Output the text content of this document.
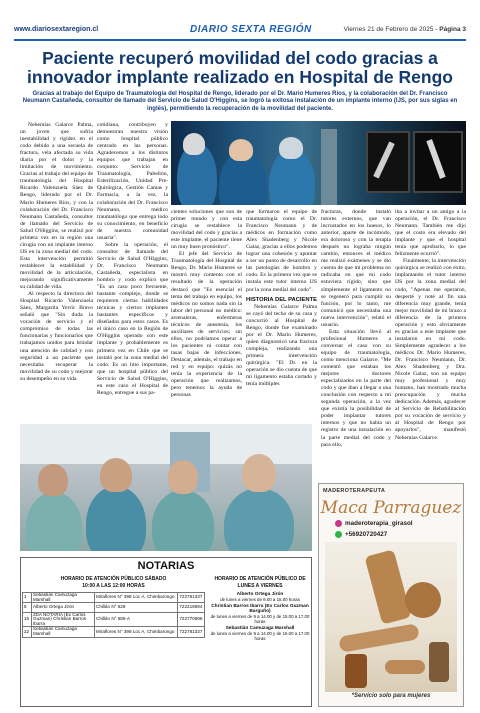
www.diariosextaregion.cl	DIARIO SEXTA REGIÓN	Viernes 21 de Febrero de 2025 - Página 3
Paciente recuperó movilidad del codo gracias a innovador implante realizado en Hospital de Rengo

Gracias al trabajo del Equipo de Traumatología del Hospital de Rengo, liderado por el Dr. Mario Humeres Ríos, y la colaboración del Dr. Francisco Neumann Castañeda, consultor de llamado del Servicio de Salud O'Higgins, se logró la exitosa instalación de un implante interno (IJS, por sus siglas en inglés), permitiendo la recuperación de la movilidad del paciente.

Nehemías Galarce Palma, un joven que sufría inestabilidad y rigidez en el codo debido a una secuela de fractura, vela afectada su vida diaria por el dolor y la limitación de movimiento. Gracias al trabajo del equipo de traumatología del Hospital Ricardo Valenzuela Sáez de Rengo, liderado por el Dr. Mario Humeres Ríos, y con la colaboración del Dr. Francisco Neumann Castañeda, consultor de llamado del Servicio de Salud O'Higgins, se realizó por primera vez en la región una cirugía con un implante interno IJS en la zona medial del codo. Esta intervención permitió restablecer la estabilidad y movilidad de la articulación, mejorando significativamente su calidad de vida.

Al respecto la directora del Hospital Ricardo Valenzuela Sáez, Margarita Yerric Bravo señaló que "Sin duda la vocación de servicio y el compromiso de todas las funcionarias y funcionarios que trabajamos unidos para brindar una atención de calidad y con seguridad a un paciente que necesitaba recuperar la movilidad de su codo y mejorar su desempeño en su vida

cotidiana, contribuyen y demuestran nuestra visión como hospital público centrado en las personas. Agradecemos a los distintos equipos que trabajan en conjunto: Servicio de Traumatología, Pabellón, Esterilización, Unidad Pre-Quirúrgica, Gestión Camas y Farmacia, a la vez, la colaboración del Dr. Francisco Neumann, médico traumatólogo que entrega todo su conocimiento, en beneficio de nuestra comunidad usuaria".

Sobre la operación, el consultor de llamado del Servicio de Salud O'Higgins, Dr. Francisco Neumann Castañeda, especialista en hombro y codo explicó que "Es un caso poco frecuente, bastante complejo, donde se requieren ciertas habilidades técnicas y ciertos implantes bastantes específicos y diseñados para estos casos. Es el único caso en la Región de O'Higgins operado con este implante y probablemente es primera vez en Chile que se instaló por la zona medial del codo. Es un hito importante, que un hospital público del Servicio de Salud O'Higgins, en este caso el Hospital de Rengo, entregue a sus pa-

cientes soluciones que son de primer mundo y con esta cirugía se restablece la movilidad del codo y gracias a este implante, el paciente tiene un muy buen pronóstico".

El jefe del Servicio de Traumatología del Hospital de Rengo, Dr. Mario Humeres se mostró muy contento con el resultado de la operación destacó que "Es esencial el tema del trabajo en equipo, los médicos no somos nada sin la labor del personal no médico: arsenaleras, enfermeras técnicos de anestesia, los auxiliares de servicios; sin ellos, no podríamos operar a los pacientes ni contar con tasas bajas de infecciones. Destacar, además, el trabajo en red y en equipo: quizás no tenía la experiencia de la operación que realizamos, pero tenemos la ayuda de personas

que formaron el equipo de traumatología como el Dr. Francisco Neumann y de médicos en formación como Alex Shadenberg y Nicole Galaz, gracias a ellos podemos lograr una cohesión y apuntar a ser un punto de desarrollo en las patologías de hombro y codo. Es la primera vez que se instala este tutor interno IJS por la zona medial del codo".

HISTORIA DEL PACIENTE

Nehemías Galarce Palma se cayó del techo de su casa y concurrió al Hospital de Rengo, donde fue examinado por el Dr. Mario Humeres, quien diagnosticó una fractura compleja, realizando una primera intervención quirúrgica. "El Dr. en la operación se dio cuenta de que mi ligamento estaba cortado y tenía múltiples

fracturas, donde instaló tutores externos, que van incrustados en los huesos, lo anterior, aparte de incómodo, era doloroso y con la terapia después no lograba ningún cambio, entonces el médico me realizó exámenes y se dio cuenta de que mi problema no radicaba en que mi codo estuviera rígido, sino que simplemente el ligamento no se regeneró para cumplir su función, por lo tanto, me comunicó que necesitaba una nueva intervención", relató el usuario.

Esta situación llevó al profesional Humeres a conversar el caso con su equipo de traumatología, como menciona Galarce. "Me comentó que estaban los mejores doctores especializados en la parte del codo y que iban a llegar a una conclusión con respecto a mi segunda operación, a la vez que existía la posibilidad de poder implantar tutores internos y que no había un registro de una instalación en la parte medial del codo y para ello,

iba a invitar a un amigo a la operación, el Dr. Francisco Neumann. También me dijo que el costo era elevado del implante y que el hospital tenía que aprobarlo, lo que felizmente ocurrió".

Finalmente, la intervención quirúrgica se realizó con éxito, implantando el tutor interno IJS por la zona medial del codo, "Apenas me operaron, desperté y noté al fin una diferencia muy grande, tenía mejor movilidad de mi brazo a diferencia de la primera operación y esto obviamente es gracias a este implante que instalaron en mi codo. Simplemente agradecer a los médicos Dr. Mario Humeres, Dr. Francisco Neumann, Dr. Alex Shadenberg y Dra. Nicole Galaz, son un equipo muy profesional y muy humano, han mostrado mucha preocupación y mucha dedicación. Además, agradecer al Servicio de Rehabilitación por su vocación de servicio y al Hospital de Rengo por apoyarlos", manifestó Nehemías Galarce.

NOTARIAS
HORARIO DE ATENCIÓN PÚBLICO SÁBADO
10:00 A LAS 12:00 HORAS
1	Sebastián Camuzaga Marshall	Miraflores N° 398 Loc A, Chimbarongo	722781337
8	Alberto Ortega Jirón	Chillán N° 628	722219694
15	2DA NOTARIA (Ex Carlos Guzman) Christian Barros Ibarra	Chillán N° 585-A	722770896
22	Sebastián Camuzaga Marshall	Miraflores N° 398 Loc A, Chimbarongo	722781337
HORARIO DE ATENCIÓN PÚBLICO DE
LUNES A VIERNES
Alberto Ortega Jirón
de lunes a viernes de 9.00 a 15.00 horas
Christian Barros Ibarra (Ex Carlos Guzman Barguño)
de lunes a viernes de 9 a 14.00 y de 15.00 a 17.00 horas
Sebastián Camuzaga Marshall
de lunes a viernes de 9 a 14.00 y de 15.00 a 17.00 horas
MADEROTERAPEUTA
Maca Parraguez
maderoterapia_girasol
+56920720427
*Servicio solo para mujeres
